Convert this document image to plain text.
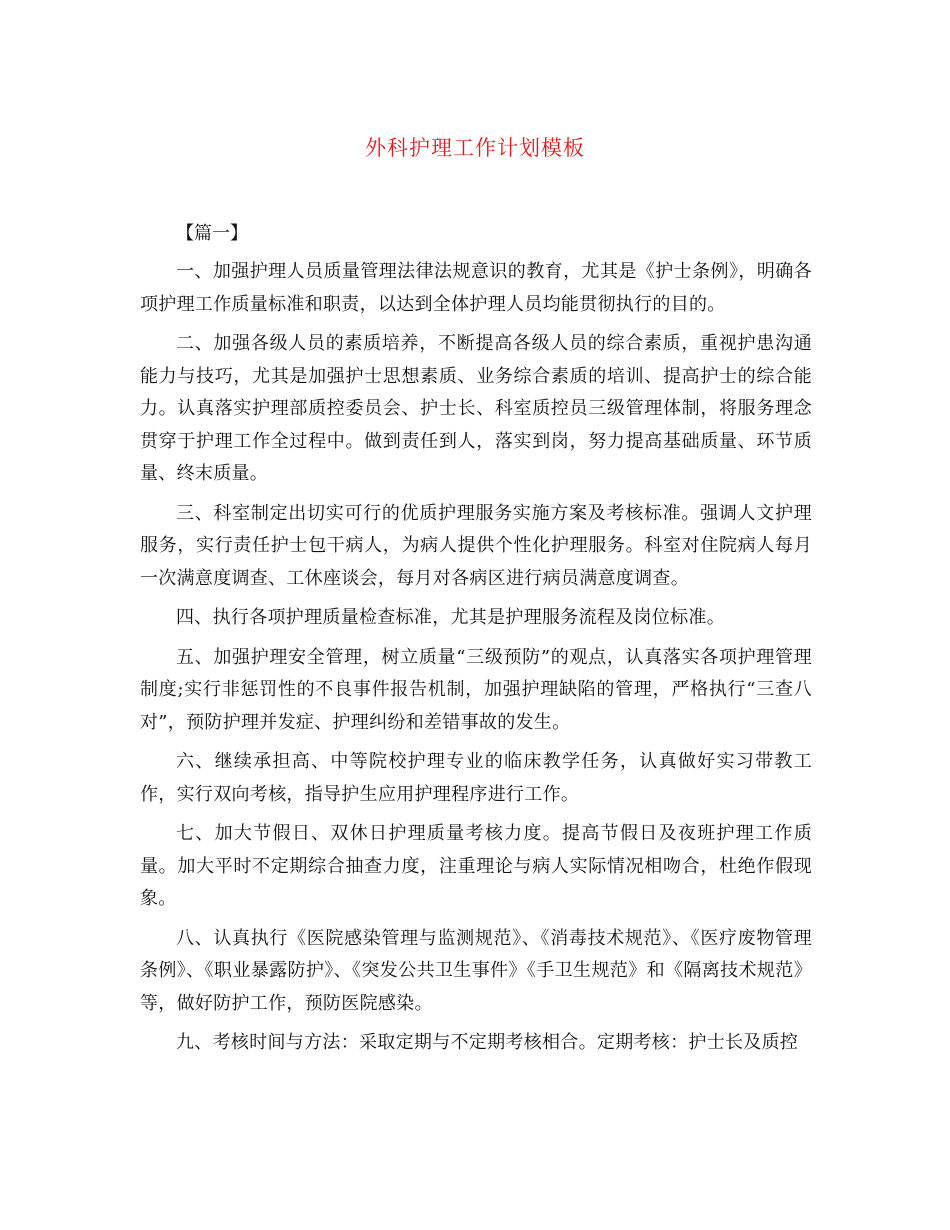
外科护理工作计划模板
【篇一】

一、加强护理人员质量管理法律法规意识的教育，尤其是《护士条例》，明确各项护理工作质量标准和职责，以达到全体护理人员均能贯彻执行的目的。

二、加强各级人员的素质培养，不断提高各级人员的综合素质，重视护患沟通能力与技巧，尤其是加强护士思想素质、业务综合素质的培训、提高护士的综合能力。认真落实护理部质控委员会、护士长、科室质控员三级管理体制，将服务理念贯穿于护理工作全过程中。做到责任到人，落实到岗，努力提高基础质量、环节质量、终末质量。

三、科室制定出切实可行的优质护理服务实施方案及考核标准。强调人文护理服务，实行责任护士包干病人，为病人提供个性化护理服务。科室对住院病人每月一次满意度调查、工休座谈会，每月对各病区进行病员满意度调查。

四、执行各项护理质量检查标准，尤其是护理服务流程及岗位标准。

五、加强护理安全管理，树立质量“三级预防”的观点，认真落实各项护理管理制度;实行非惩罚性的不良事件报告机制，加强护理缺陷的管理，严格执行“三查八对”，预防护理并发症、护理纠纷和差错事故的发生。

六、继续承担高、中等院校护理专业的临床教学任务，认真做好实习带教工作，实行双向考核，指导护生应用护理程序进行工作。

七、加大节假日、双休日护理质量考核力度。提高节假日及夜班护理工作质量。加大平时不定期综合抽查力度，注重理论与病人实际情况相吻合，杜绝作假现象。

八、认真执行《医院感染管理与监测规范》、《消毒技术规范》、《医疗废物管理条例》、《职业暴露防护》、《突发公共卫生事件》《手卫生规范》和《隔离技术规范》等，做好防护工作，预防医院感染。

九、考核时间与方法：采取定期与不定期考核相合。定期考核：护士长及质控
